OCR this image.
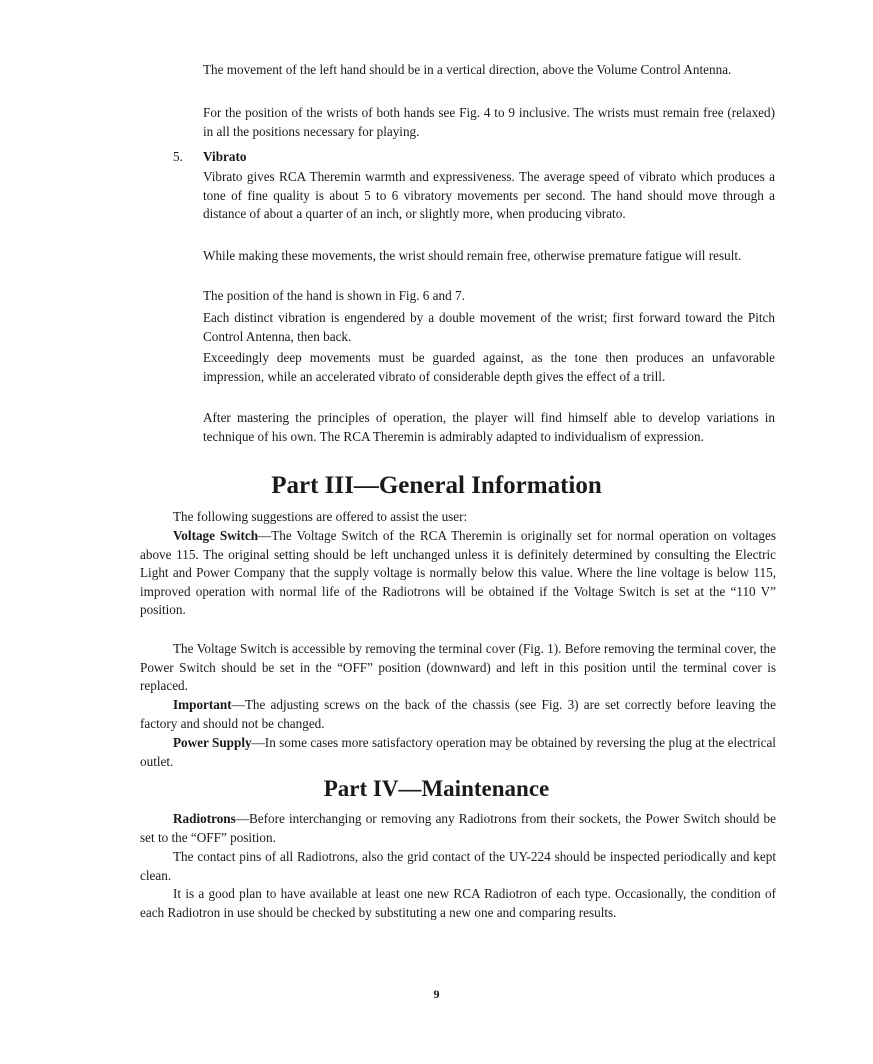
The movement of the left hand should be in a vertical direction, above the Volume Control Antenna.

For the position of the wrists of both hands see Fig. 4 to 9 inclusive. The wrists must remain free (relaxed) in all the positions necessary for playing.

5. Vibrato

Vibrato gives RCA Theremin warmth and expressiveness. The average speed of vibrato which produces a tone of fine quality is about 5 to 6 vibratory movements per second. The hand should move through a distance of about a quarter of an inch, or slightly more, when producing vibrato.

While making these movements, the wrist should remain free, otherwise premature fatigue will result.

The position of the hand is shown in Fig. 6 and 7.

Each distinct vibration is engendered by a double movement of the wrist; first forward toward the Pitch Control Antenna, then back.

Exceedingly deep movements must be guarded against, as the tone then produces an unfavorable impression, while an accelerated vibrato of considerable depth gives the effect of a trill.

After mastering the principles of operation, the player will find himself able to develop variations in technique of his own. The RCA Theremin is admirably adapted to individualism of expression.

Part III—General Information

The following suggestions are offered to assist the user:

Voltage Switch—The Voltage Switch of the RCA Theremin is originally set for normal operation on voltages above 115. The original setting should be left unchanged unless it is definitely determined by consulting the Electric Light and Power Company that the supply voltage is normally below this value. Where the line voltage is below 115, improved operation with normal life of the Radiotrons will be obtained if the Voltage Switch is set at the “110 V” position.

The Voltage Switch is accessible by removing the terminal cover (Fig. 1). Before removing the terminal cover, the Power Switch should be set in the “OFF” position (downward) and left in this position until the terminal cover is replaced.

Important—The adjusting screws on the back of the chassis (see Fig. 3) are set correctly before leaving the factory and should not be changed.

Power Supply—In some cases more satisfactory operation may be obtained by reversing the plug at the electrical outlet.

Part IV—Maintenance

Radiotrons—Before interchanging or removing any Radiotrons from their sockets, the Power Switch should be set to the “OFF” position.

The contact pins of all Radiotrons, also the grid contact of the UY-224 should be inspected periodically and kept clean.

It is a good plan to have available at least one new RCA Radiotron of each type. Occasionally, the condition of each Radiotron in use should be checked by substituting a new one and comparing results.

9
